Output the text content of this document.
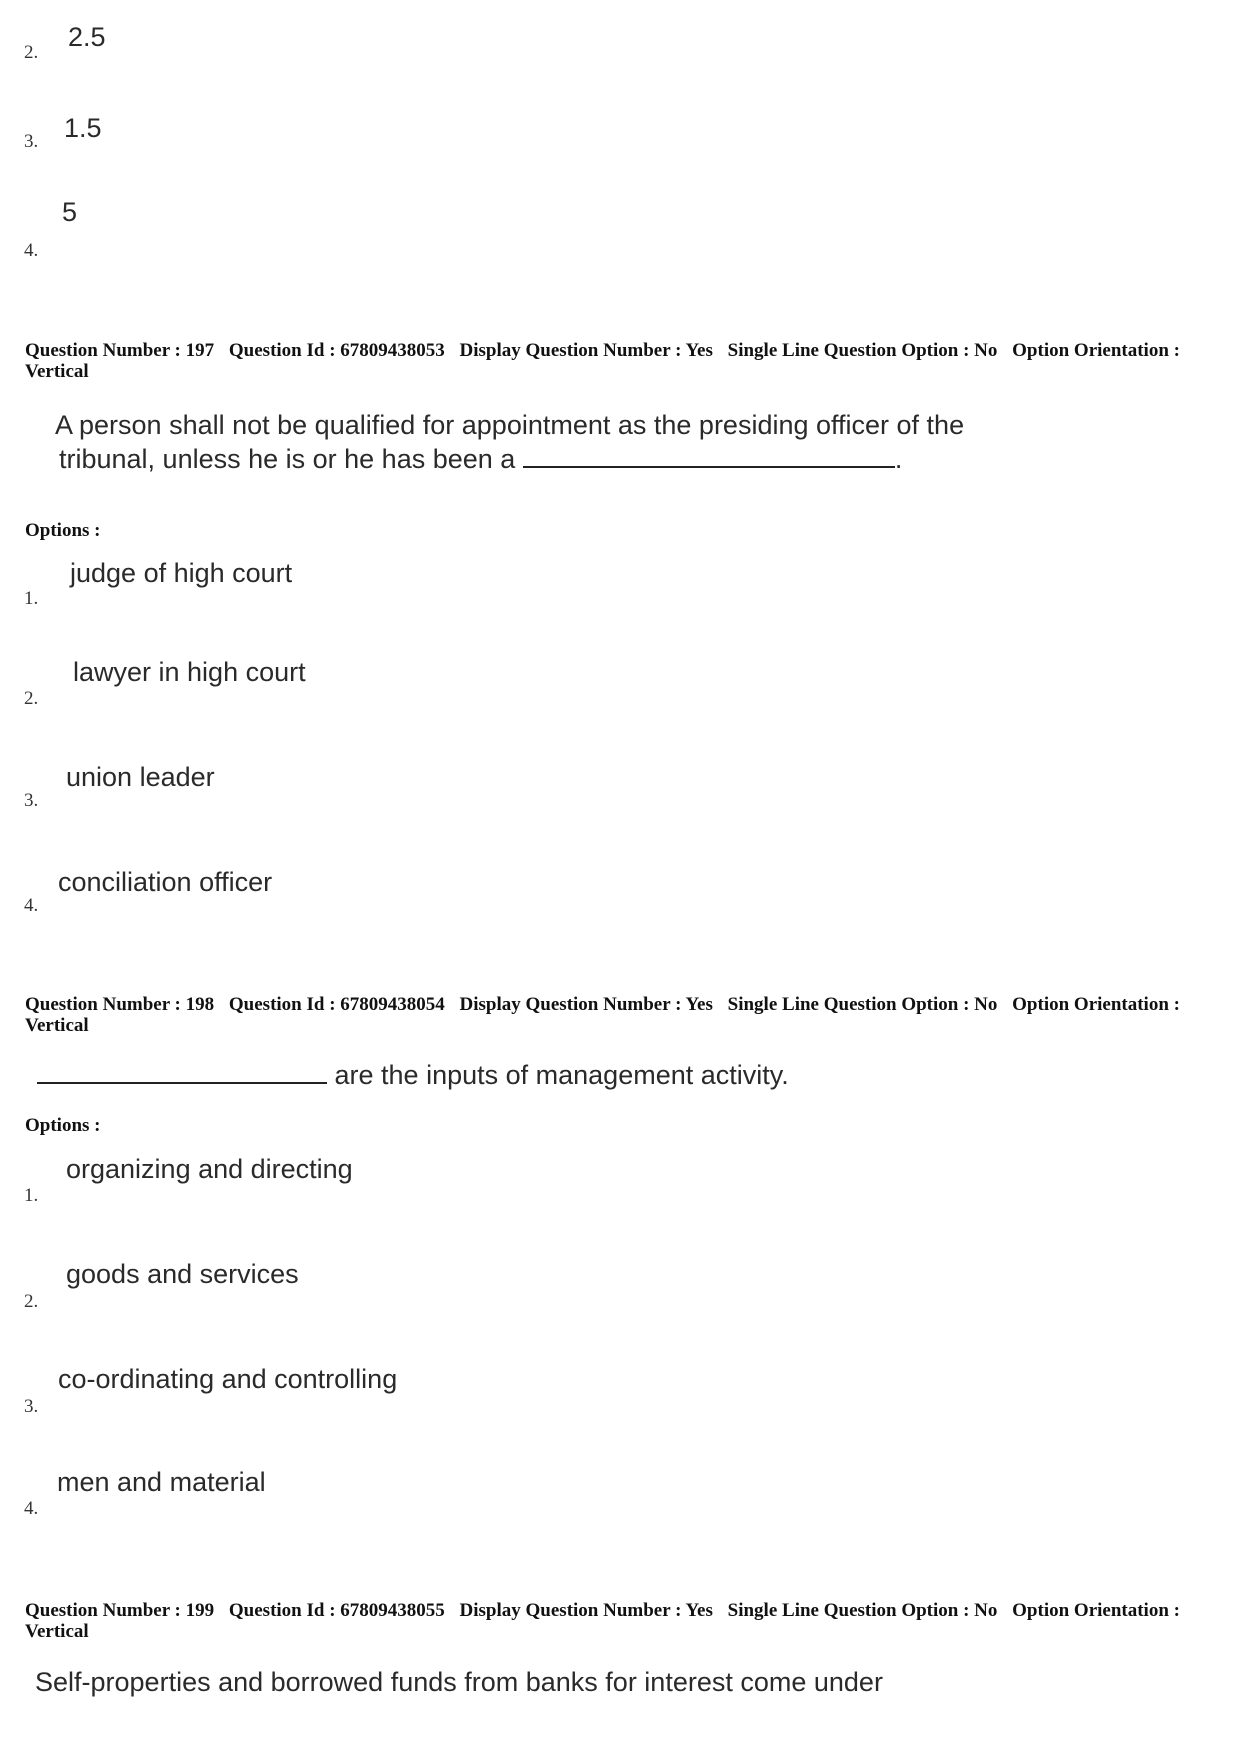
2.
2.5
3. 1.5
4.
5
Question Number : 197 Question Id : 67809438053 Display Question Number : Yes Single Line Question Option : No Option Orientation : Vertical
A person shall not be qualified for appointment as the presiding officer of the
tribunal, unless he is or he has been a	.
Options :
1.
judge of high court
2.
lawyer in high court
3.
union leader
4.
conciliation officer
Question Number : 198 Question Id : 67809438054 Display Question Number : Yes Single Line Question Option : No Option Orientation : Vertical
are the inputs of management activity.
Options :
1.
organizing and directing
2.
goods and services
3.
co-ordinating and controlling
4.
men and material
Question Number : 199 Question Id : 67809438055 Display Question Number : Yes Single Line Question Option : No Option Orientation : Vertical
Self-properties and borrowed funds from banks for interest come under
